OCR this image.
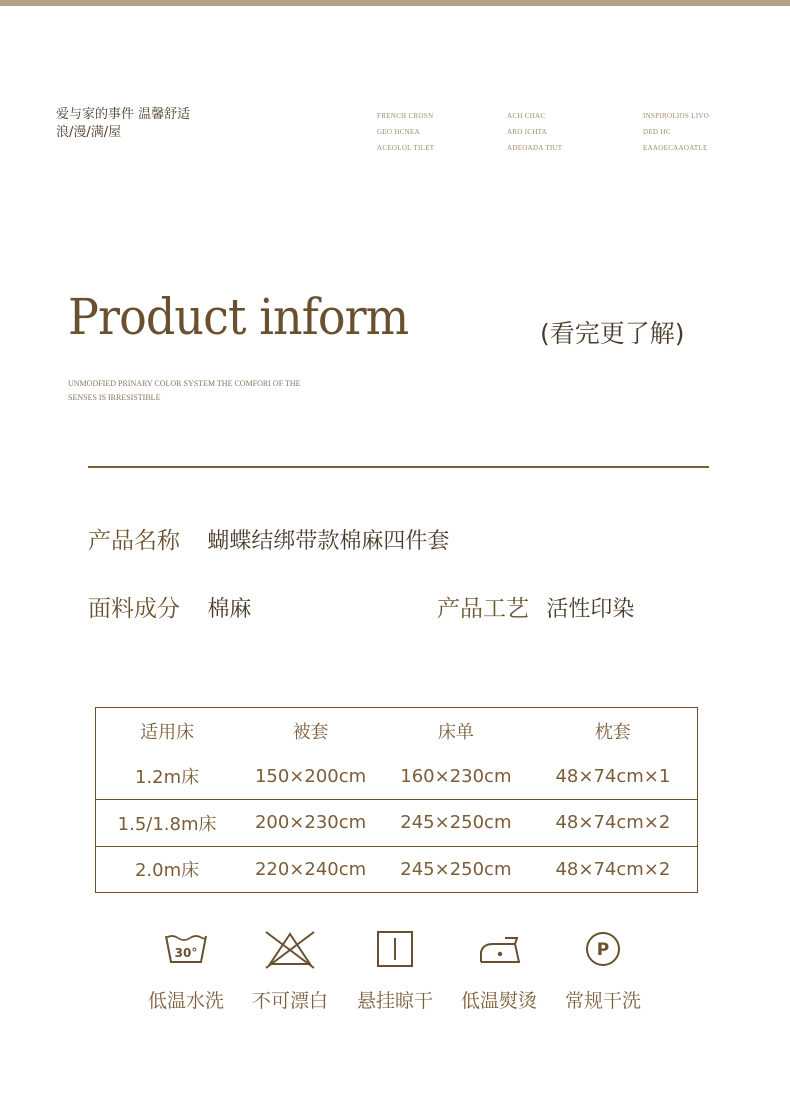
爱与家的事件 温馨舒适
浪/漫/满/屋
FRENCH CROSN
GEO HCNEA
ACEOLOL TILET
ACH CHAC
ARO ICHTA
ADEOADA TIUT
INSPIROLIOS LIVO
DED HC
EAAOECAAOATLE
Product inform	(看完更了解)
UNMODFIED PRINARY COLOR SYSTEM THE COMFORI OF THE SENSES IS IRRESISTIBLE
产品名称 蝴蝶结绑带款棉麻四件套
面料成分 棉麻	产品工艺 活性印染
适用床	被套	床单	枕套
1.2m床	150×200cm	160×230cm	48×74cm×1
1.5/1.8m床	200×230cm	245×250cm	48×74cm×2
2.0m床	220×240cm	245×250cm	48×74cm×2
30°
低温水洗	不可漂白	悬挂晾干	低温熨烫
P
常规干洗
